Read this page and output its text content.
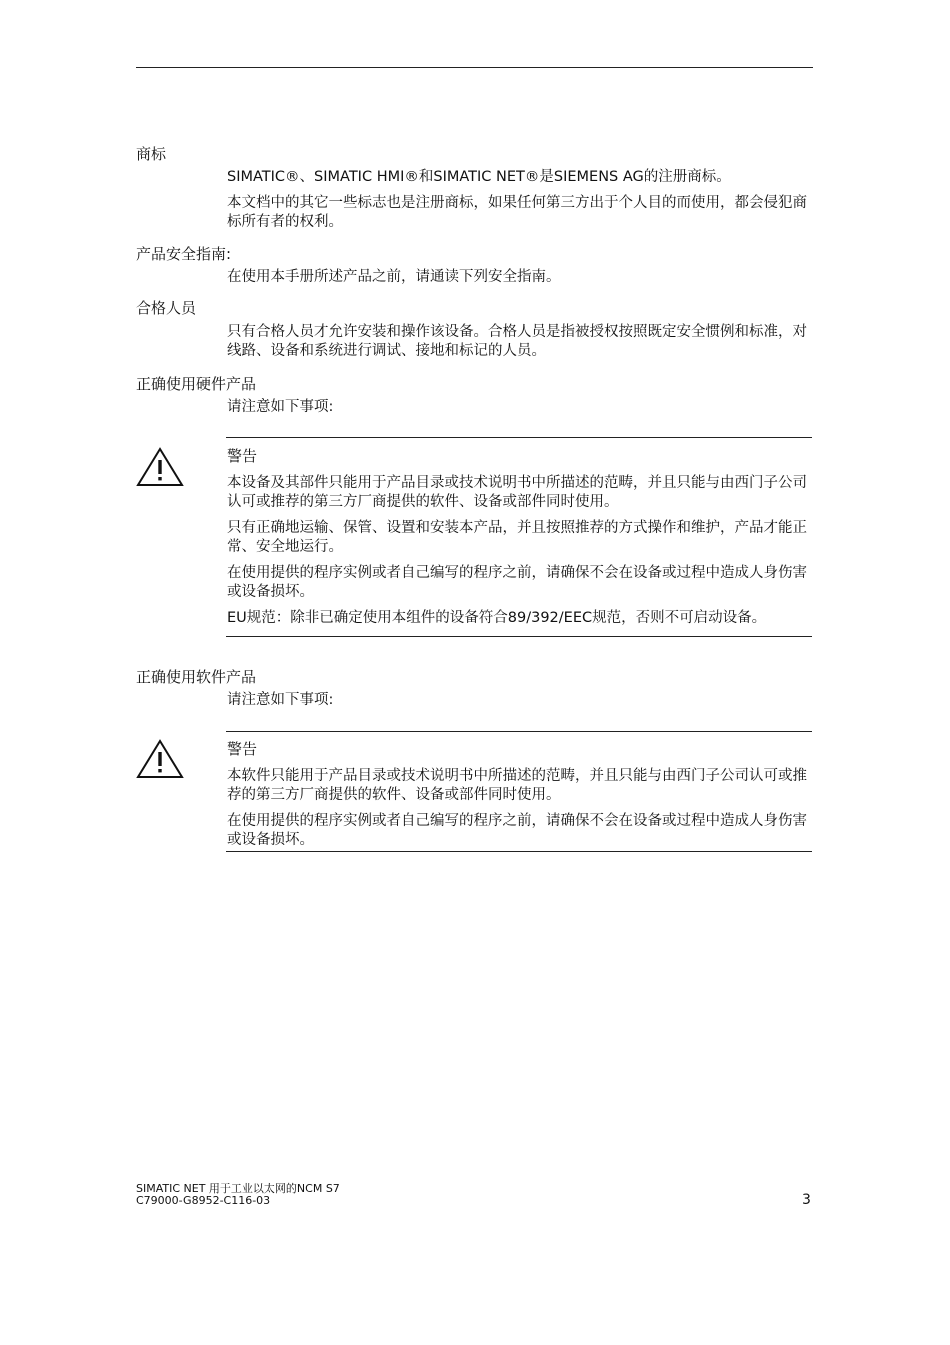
商标

SIMATIC®、SIMATIC HMI®和SIMATIC NET®是SIEMENS AG的注册商标。

本文档中的其它一些标志也是注册商标，如果任何第三方出于个人目的而使用，都会侵犯商标所有者的权利。

产品安全指南:

在使用本手册所述产品之前，请通读下列安全指南。

合格人员

只有合格人员才允许安装和操作该设备。合格人员是指被授权按照既定安全惯例和标准，对线路、设备和系统进行调试、接地和标记的人员。

正确使用硬件产品

请注意如下事项:

警告

本设备及其部件只能用于产品目录或技术说明书中所描述的范畴，并且只能与由西门子公司认可或推荐的第三方厂商提供的软件、设备或部件同时使用。

只有正确地运输、保管、设置和安装本产品，并且按照推荐的方式操作和维护，产品才能正常、安全地运行。

在使用提供的程序实例或者自己编写的程序之前，请确保不会在设备或过程中造成人身伤害或设备损坏。

EU规范：除非已确定使用本组件的设备符合89/392/EEC规范，否则不可启动设备。

正确使用软件产品

请注意如下事项:

警告

本软件只能用于产品目录或技术说明书中所描述的范畴，并且只能与由西门子公司认可或推荐的第三方厂商提供的软件、设备或部件同时使用。

在使用提供的程序实例或者自己编写的程序之前，请确保不会在设备或过程中造成人身伤害或设备损坏。

SIMATIC NET 用于工业以太网的NCM S7
C79000-G8952-C116-03	3
